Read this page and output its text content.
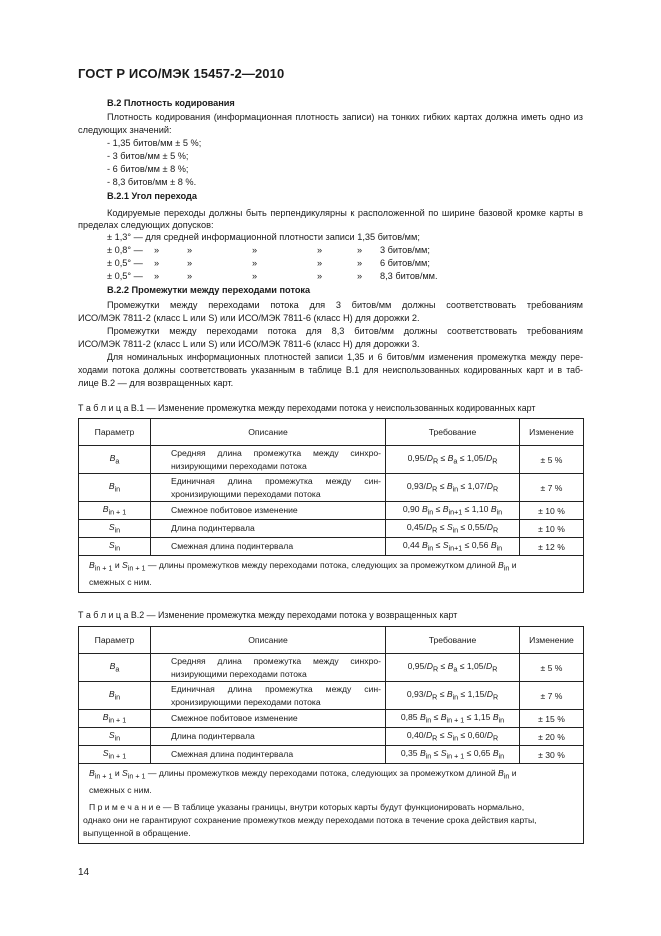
ГОСТ Р ИСО/МЭК 15457-2—2010
B.2 Плотность кодирования
Плотность кодирования (информационная плотность записи) на тонких гибких картах должна иметь одно из
следующих значений:
- 1,35 битов/мм ± 5 %;
- 3 битов/мм ± 5 %;
- 6 битов/мм ± 8 %;
- 8,3 битов/мм ± 8 %.
B.2.1 Угол перехода
Кодируемые переходы должны быть перпендикулярны к расположенной по ширине базовой кромке карты в
пределах следующих допусков:
± 1,3° — для средней информационной плотности записи 1,35 битов/мм;
± 0,8° — »	»	»	»	» 3 битов/мм;
± 0,5° — »	»	»	»	» 6 битов/мм;
± 0,5° — »	»	»	»	» 8,3 битов/мм.
B.2.2 Промежутки между переходами потока
Промежутки между переходами потока для 3 битов/мм должны соответствовать требованиям
ИСО/МЭК 7811-2 (класс L или S) или ИСО/МЭК 7811-6 (класс Н) для дорожки 2.
Промежутки между переходами потока для 8,3 битов/мм должны соответствовать требованиям
ИСО/МЭК 7811-2 (класс L или S) или ИСО/МЭК 7811-6 (класс Н) для дорожки 3.
Для номинальных информационных плотностей записи 1,35 и 6 битов/мм изменения промежутка между пере-
ходами потока должны соответствовать указанным в таблице В.1 для неиспользованных кодированных карт и в таб-
лице В.2 — для возвращенных карт.
Т а б л и ц а B.1 — Изменение промежутка между переходами потока у неиспользованных кодированных карт
Параметр	Описание	Требование	Изменение
$B_a$	Средняя длина промежутка между синхро-низирующими переходами потока	$0,95/D_R \le B_a \le 1,05/D_R$	± 5 %
$B_{in}$	Единичная длина промежутка между син-хронизирующими переходами потока	$0,93/D_R \le B_{in} \le 1,07/D_R$	± 7 %
$B_{in + 1}$	Смежное побитовое изменение	0,90 $B_{in} \le B_{in+1} \le 1,10$ $B_{in}$	± 10 %
$S_{in}$	Длина подинтервала	$0,45/D_R \le S_{in} \le 0,55/D_R$	± 10 %
$S_{in}$	Смежная длина подинтервала	0,44 $B_{in} \le S_{in+1} \le 0,56$ $B_{in}$	± 12 %

$B_{in + 1}$ и $S_{in + 1}$ — длины промежутков между переходами потока, следующих за промежутком длиной $B_{in}$ и
смежных с ним.			
Т а б л и ц а B.2 — Изменение промежутка между переходами потока у возвращенных карт
Параметр	Описание	Требование	Изменение
$B_a$	Средняя длина промежутка между синхро-низирующими переходами потока	$0,95/D_R \le B_a \le 1,05/D_R$	± 5 %
$B_{in}$	Единичная длина промежутка между син-хронизирующими переходами потока	$0,93/D_R \le B_{in} \le 1,15/D_R$	± 7 %
$B_{in + 1}$	Смежное побитовое изменение	0,85 $B_{in} \le B_{in + 1} \le 1,15$ $B_{in}$	± 15 %
$S_{in}$	Длина подинтервала	$0,40/D_R \le S_{in} \le 0,60/D_R$	± 20 %
$S_{in + 1}$	Смежная длина подинтервала	0,35 $B_{in} \le S_{in + 1} \le 0,65$ $B_{in}$	± 30 %

$B_{in + 1}$ и $S_{in + 1}$ — длины промежутков между переходами потока, следующих за промежутком длиной $B_{in}$ и
смежных с ним.
П р и м е ч а н и е — В таблице указаны границы, внутри которых карты будут функционировать нормально,
однако они не гарантируют сохранение промежутков между переходами потока в течение срока действия карты,
выпущенной в обращение.			
14
